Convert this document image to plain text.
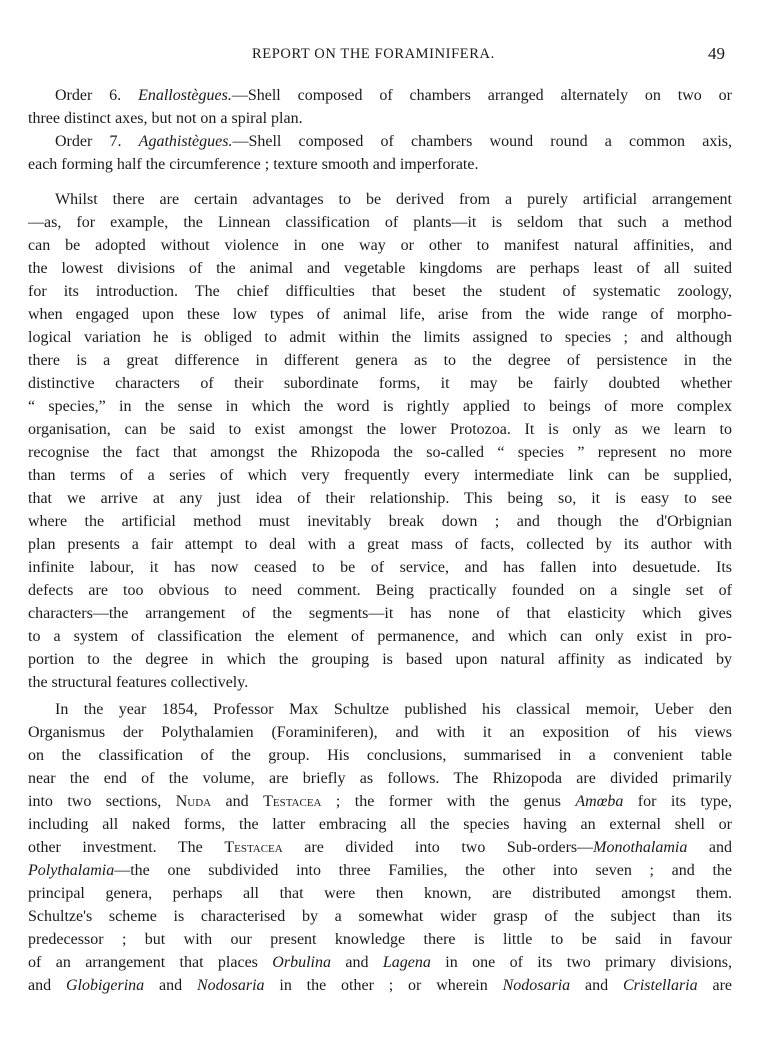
REPORT ON THE FORAMINIFERA.	49
Order 6. Enallostègues.—Shell composed of chambers arranged alternately on two or
three distinct axes, but not on a spiral plan.
Order 7. Agathistègues.—Shell composed of chambers wound round a common axis,
each forming half the circumference ; texture smooth and imperforate.
Whilst there are certain advantages to be derived from a purely artificial arrangement
—as, for example, the Linnean classification of plants—it is seldom that such a method
can be adopted without violence in one way or other to manifest natural affinities, and
the lowest divisions of the animal and vegetable kingdoms are perhaps least of all suited
for its introduction. The chief difficulties that beset the student of systematic zoology,
when engaged upon these low types of animal life, arise from the wide range of morpho-
logical variation he is obliged to admit within the limits assigned to species ; and although
there is a great difference in different genera as to the degree of persistence in the
distinctive characters of their subordinate forms, it may be fairly doubted whether
“ species,” in the sense in which the word is rightly applied to beings of more complex
organisation, can be said to exist amongst the lower Protozoa. It is only as we learn to
recognise the fact that amongst the Rhizopoda the so-called “ species ” represent no more
than terms of a series of which very frequently every intermediate link can be supplied,
that we arrive at any just idea of their relationship. This being so, it is easy to see
where the artificial method must inevitably break down ; and though the d'Orbignian
plan presents a fair attempt to deal with a great mass of facts, collected by its author with
infinite labour, it has now ceased to be of service, and has fallen into desuetude. Its
defects are too obvious to need comment. Being practically founded on a single set of
characters—the arrangement of the segments—it has none of that elasticity which gives
to a system of classification the element of permanence, and which can only exist in pro-
portion to the degree in which the grouping is based upon natural affinity as indicated by
the structural features collectively.
In the year 1854, Professor Max Schultze published his classical memoir, Ueber den
Organismus der Polythalamien (Foraminiferen), and with it an exposition of his views
on the classification of the group. His conclusions, summarised in a convenient table
near the end of the volume, are briefly as follows. The Rhizopoda are divided primarily
into two sections, Nuda and Testacea ; the former with the genus Amœba for its type,
including all naked forms, the latter embracing all the species having an external shell or
other investment. The Testacea are divided into two Sub-orders—Monothalamia and
Polythalamia—the one subdivided into three Families, the other into seven ; and the
principal genera, perhaps all that were then known, are distributed amongst them.
Schultze's scheme is characterised by a somewhat wider grasp of the subject than its
predecessor ; but with our present knowledge there is little to be said in favour
of an arrangement that places Orbulina and Lagena in one of its two primary divisions,
and Globigerina and Nodosaria in the other ; or wherein Nodosaria and Cristellaria are
